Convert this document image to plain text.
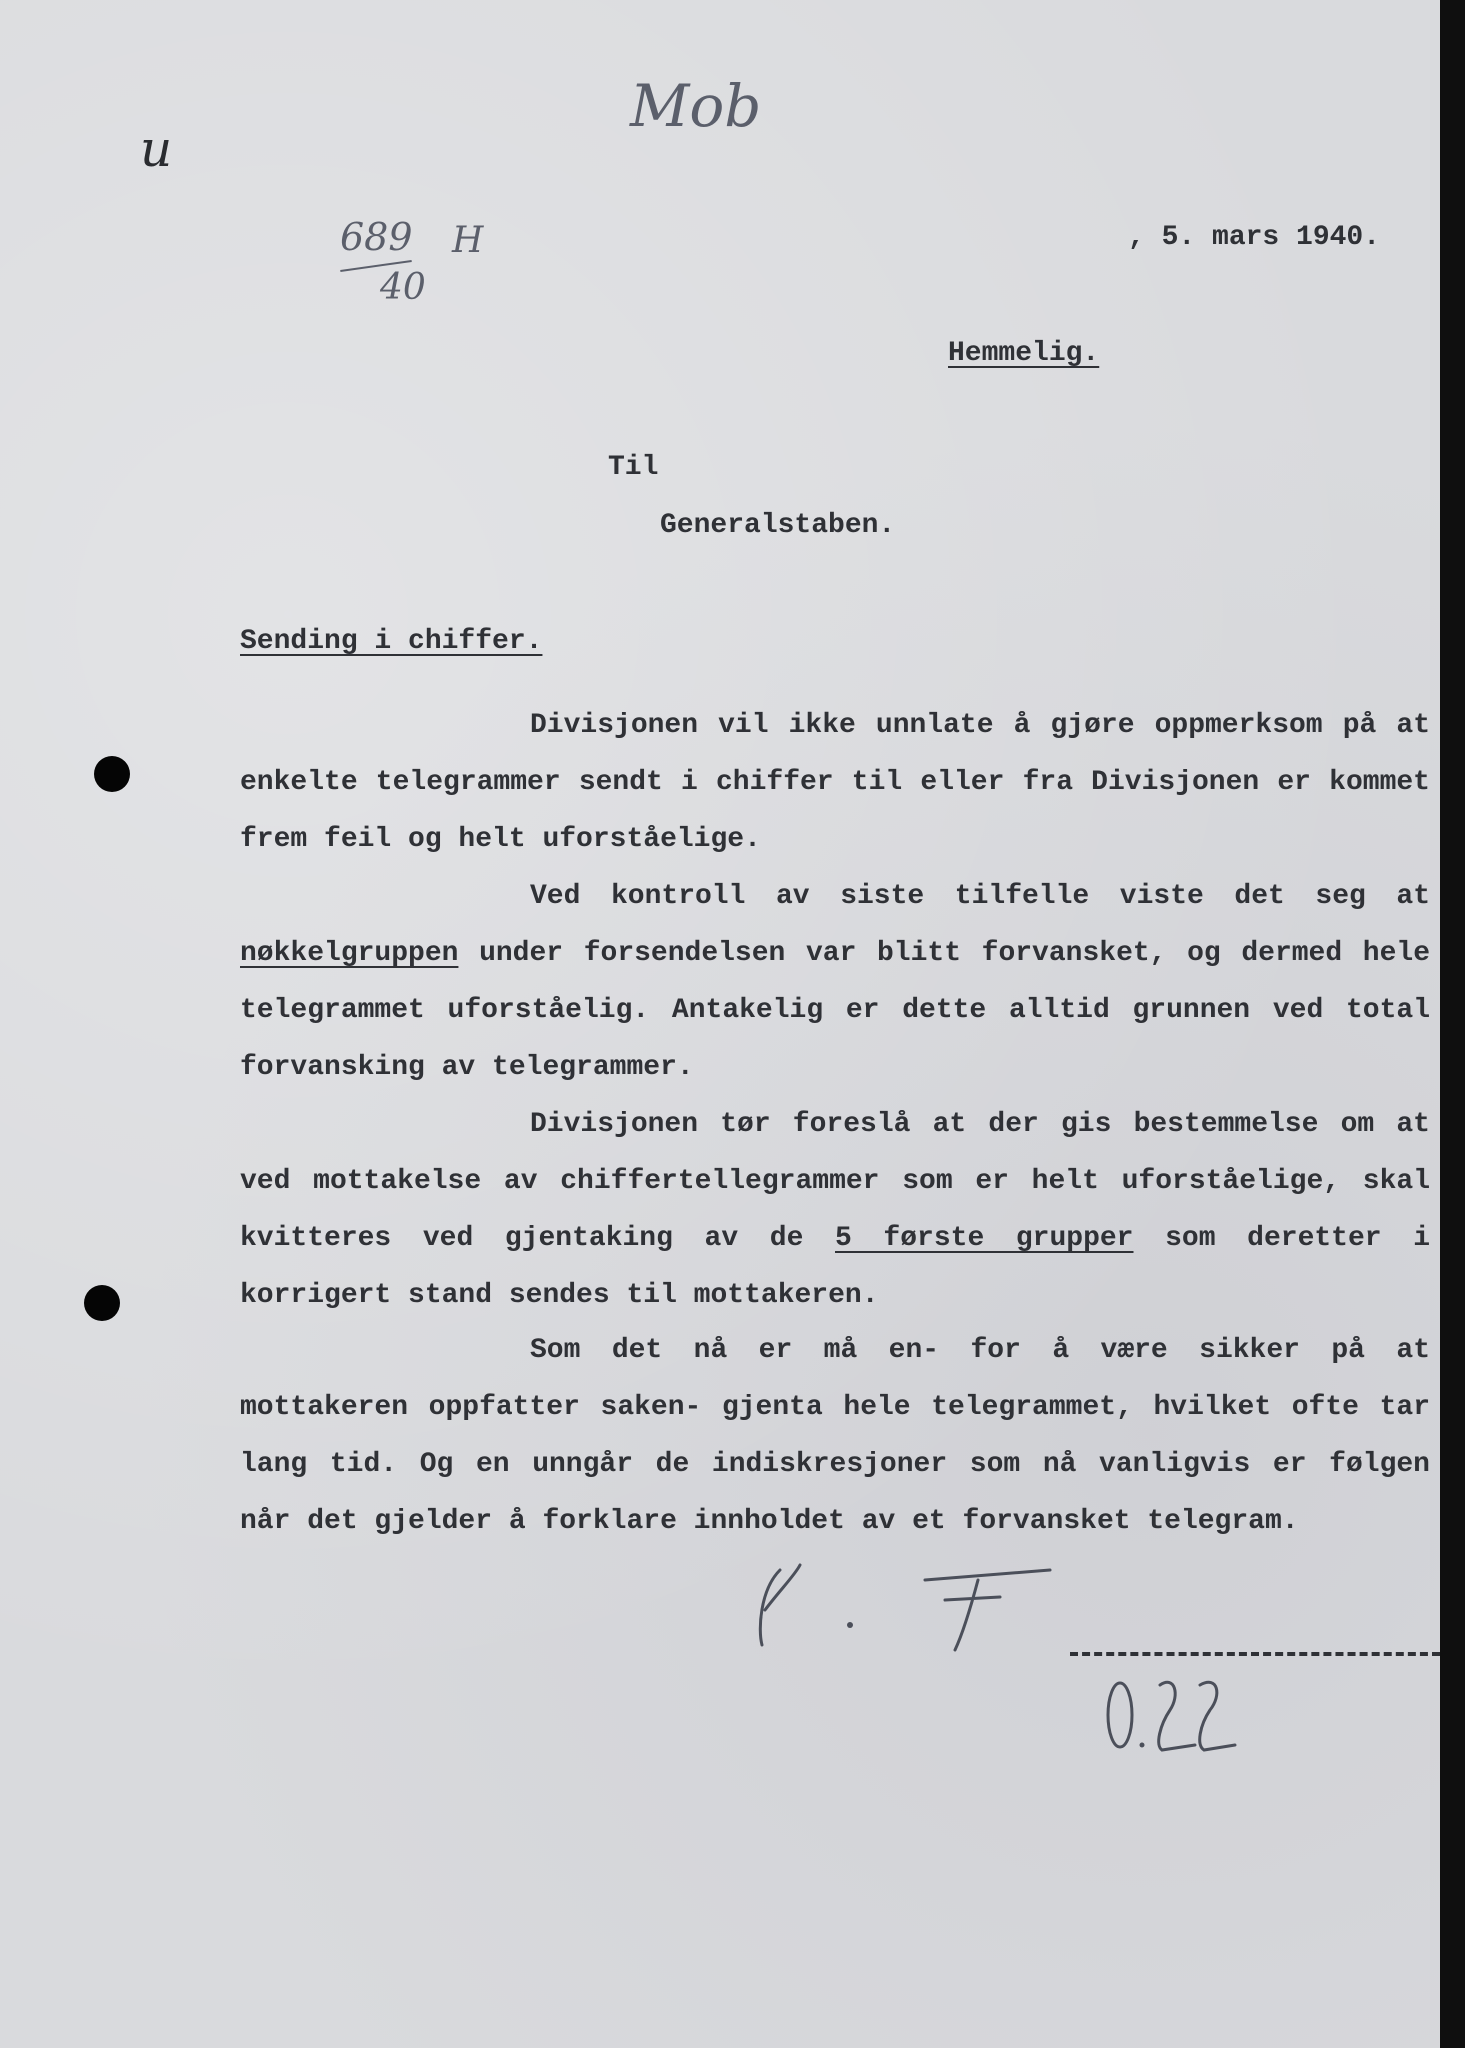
Mob
u
689
40
H	, 5. mars 1940.
Hemmelig.
Til
Generalstaben.
Sending i chiffer.

Divisjonen vil ikke unnlate å gjøre oppmerksom på at enkelte telegrammer sendt i chiffer til eller fra Divisjonen er kommet frem feil og helt uforståelige.

Ved kontroll av siste tilfelle viste det seg at nøkkelgruppen under forsendelsen var blitt forvansket, og dermed hele telegrammet uforståelig. Antakelig er dette alltid grunnen ved total forvansking av telegrammer.

Divisjonen tør foreslå at der gis bestemmelse om at ved mottakelse av chiffertellegrammer som er helt uforståelige, skal kvitteres ved gjentaking av de 5 første grupper som deretter i korrigert stand sendes til mottakeren.

Som det nå er må en- for å være sikker på at mottakeren oppfatter saken- gjenta hele telegrammet, hvilket ofte tar lang tid. Og en unngår de indiskresjoner som nå vanligvis er følgen når det gjelder å forklare innholdet av et forvansket telegram.
